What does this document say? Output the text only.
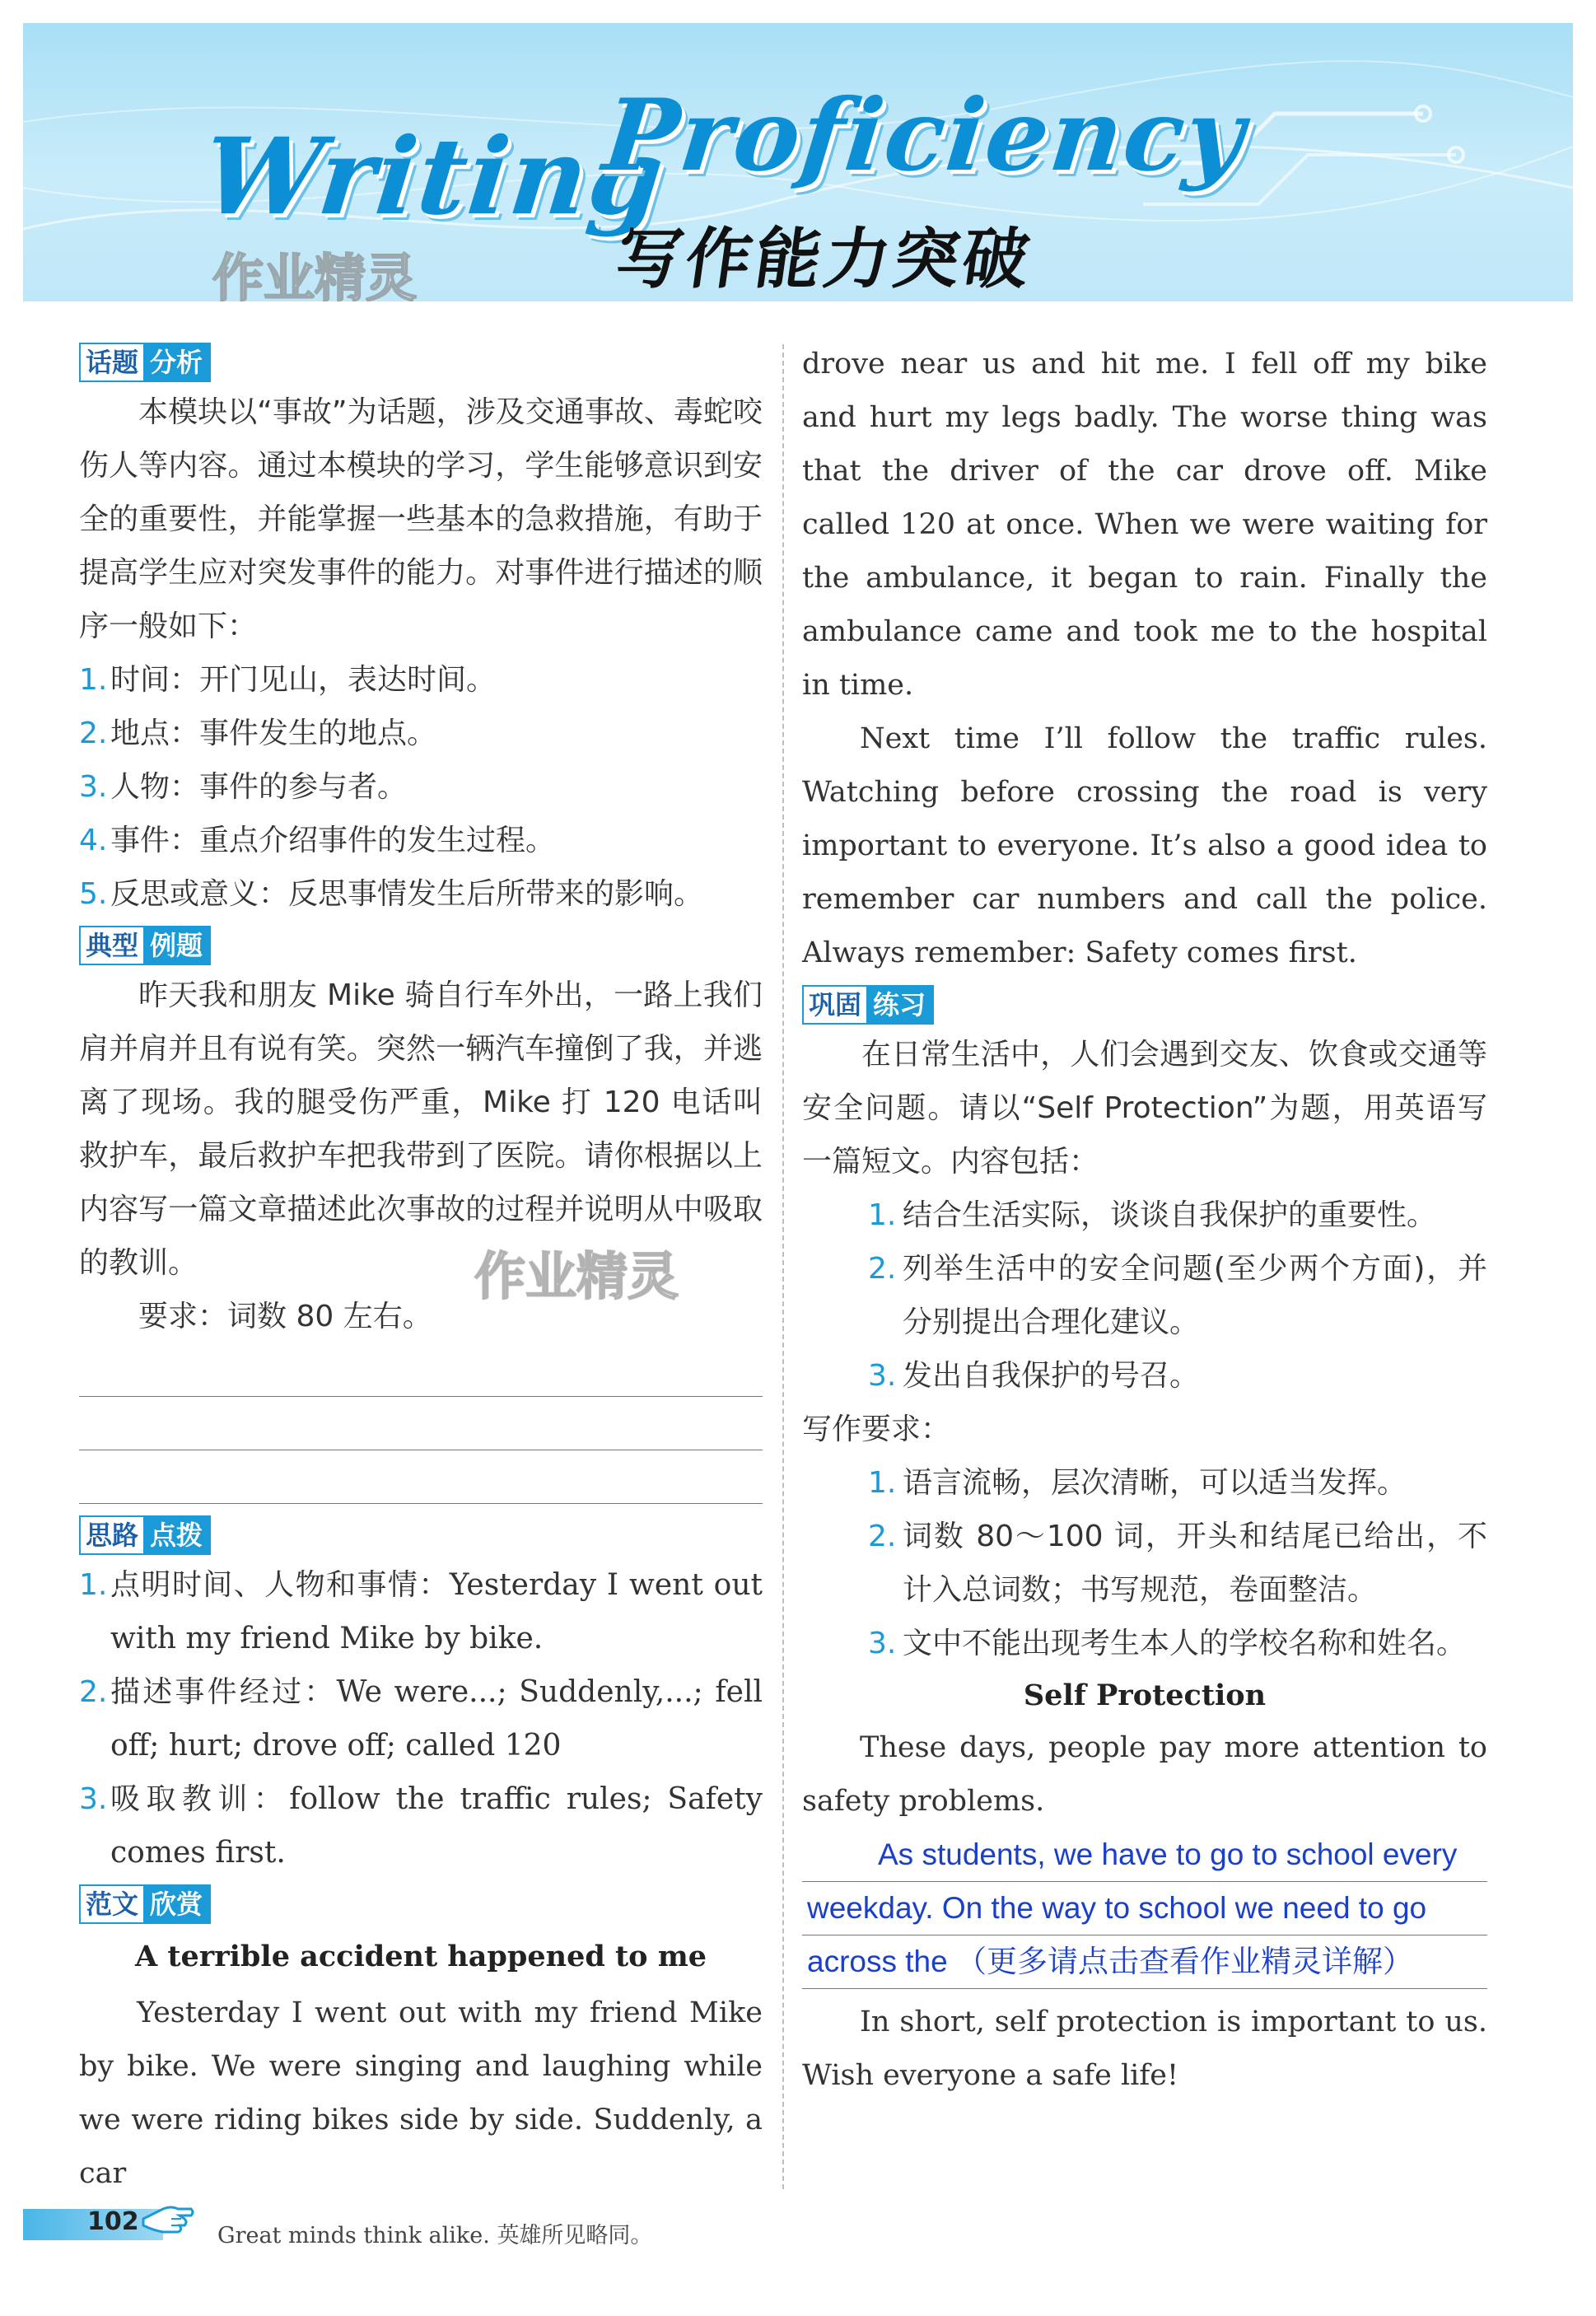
Writing
Proficiency
写作能力突破
作业精灵
话题 分析

本模块以“事故”为话题，涉及交通事故、毒蛇咬伤人等内容。通过本模块的学习，学生能够意识到安全的重要性，并能掌握一些基本的急救措施，有助于提高学生应对突发事件的能力。对事件进行描述的顺序一般如下：

1. 时间：开门见山，表达时间。
2. 地点：事件发生的地点。
3. 人物：事件的参与者。
4. 事件：重点介绍事件的发生过程。
5. 反思或意义：反思事情发生后所带来的影响。
典型 例题

昨天我和朋友 Mike 骑自行车外出，一路上我们肩并肩并且有说有笑。突然一辆汽车撞倒了我，并逃离了现场。我的腿受伤严重，Mike 打 120 电话叫救护车，最后救护车把我带到了医院。请你根据以上内容写一篇文章描述此次事故的过程并说明从中吸取的教训。

要求：词数 80 左右。

思路 点拨
1. 点明时间、人物和事情：Yesterday I went out with my friend Mike by bike.
2. 描述事件经过：We were...; Suddenly,...; fell off; hurt; drove off; called 120
3. 吸取教训：follow the traffic rules; Safety comes first.
范文 欣赏
A terrible accident happened to me

Yesterday I went out with my friend Mike by bike. We were singing and laughing while we were riding bikes side by side. Suddenly, a car

作业精灵

drove near us and hit me. I fell off my bike and hurt my legs badly. The worse thing was that the driver of the car drove off. Mike called 120 at once. When we were waiting for the ambulance, it began to rain. Finally the ambulance came and took me to the hospital in time.

Next time I’ll follow the traffic rules. Watching before crossing the road is very important to everyone. It’s also a good idea to remember car numbers and call the police. Always remember: Safety comes first.

巩固 练习

在日常生活中，人们会遇到交友、饮食或交通等安全问题。请以“Self Protection”为题，用英语写一篇短文。内容包括：

1. 结合生活实际，谈谈自我保护的重要性。
2. 列举生活中的安全问题(至少两个方面)，并分别提出合理化建议。
3. 发出自我保护的号召。

写作要求：

1. 语言流畅，层次清晰，可以适当发挥。
2. 词数 80～100 词，开头和结尾已给出，不计入总词数；书写规范，卷面整洁。
3. 文中不能出现考生本人的学校名称和姓名。
Self Protection

These days, people pay more attention to safety problems.

As students, we have to go to school every
weekday. On the way to school we need to go
across the （更多请点击查看作业精灵详解）

In short, self protection is important to us. Wish everyone a safe life!

102	Great minds think alike. 英雄所见略同。
